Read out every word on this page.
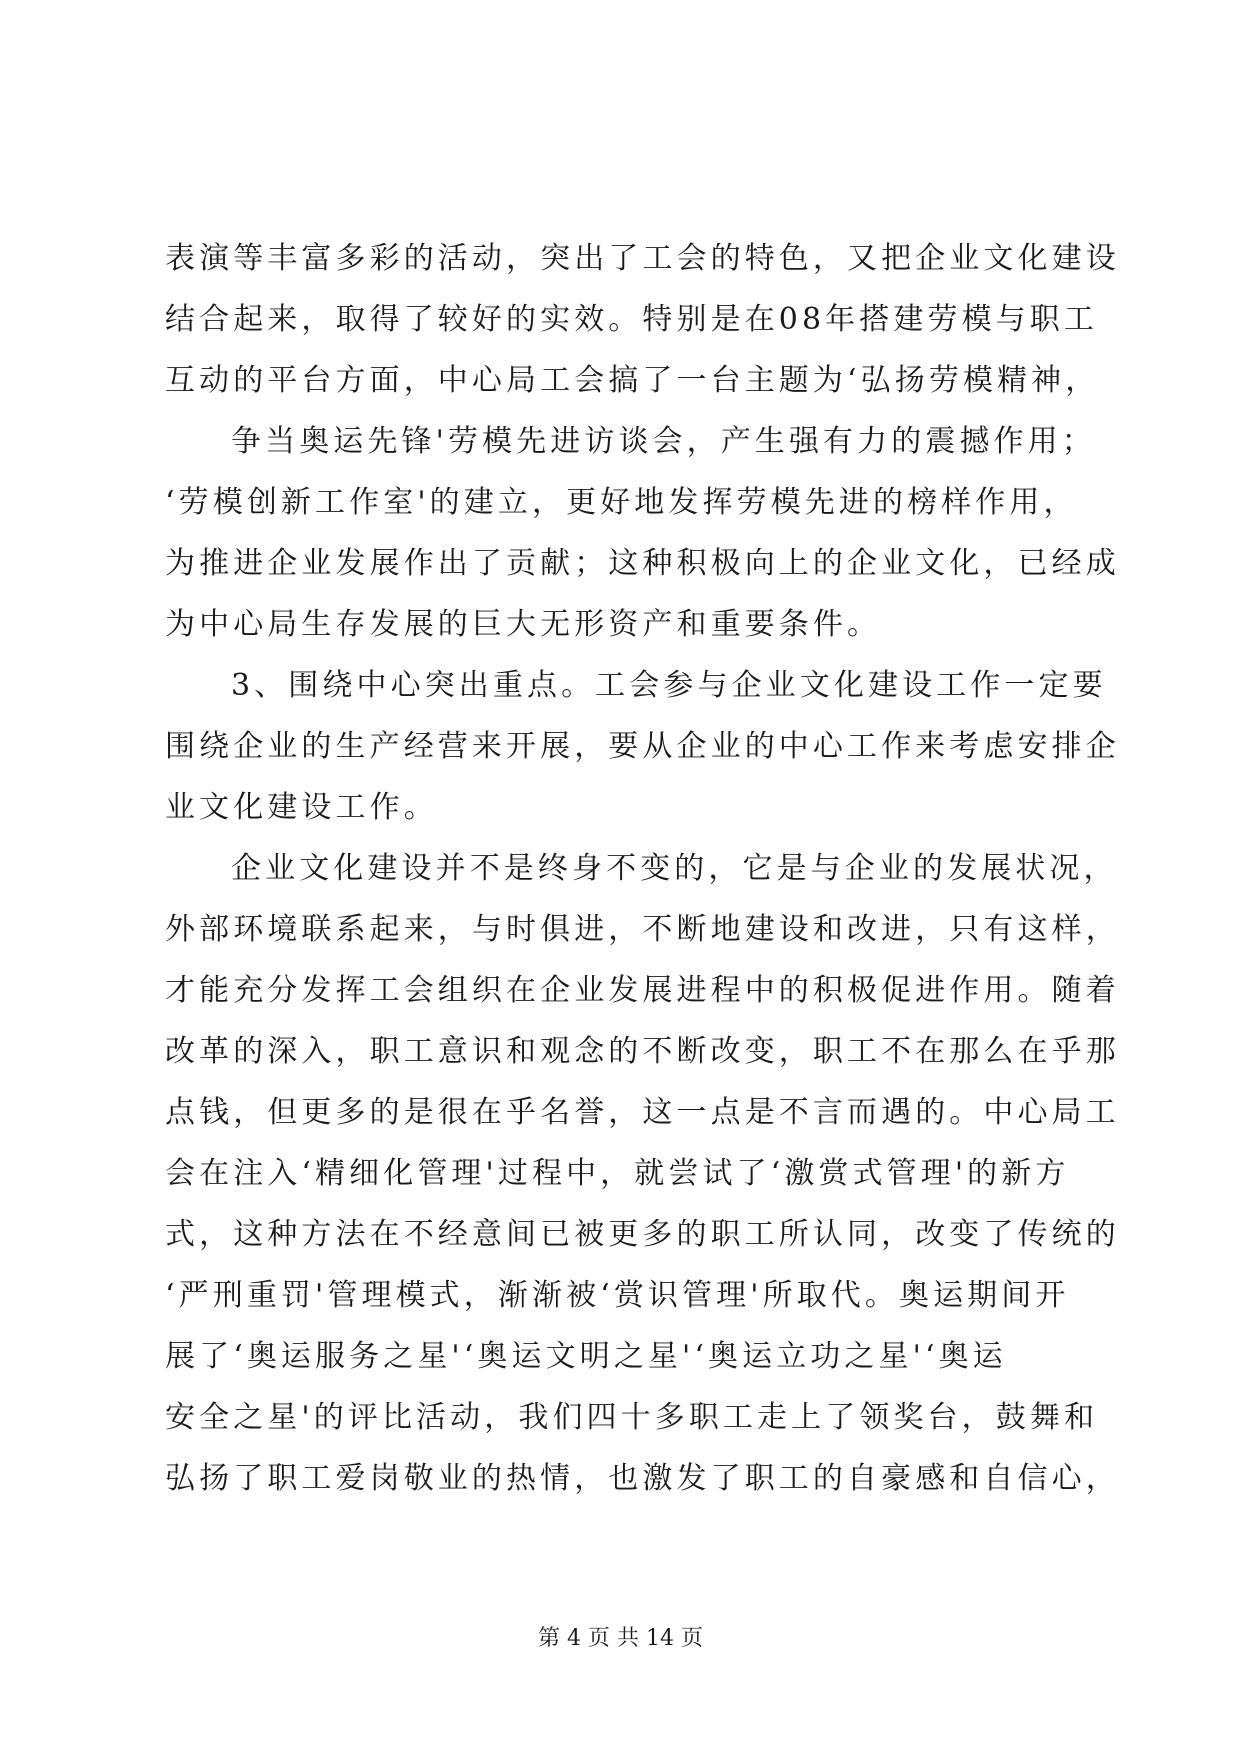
表演等丰富多彩的活动，突出了工会的特色，又把企业文化建设
结合起来，取得了较好的实效。特别是在08年搭建劳模与职工
互动的平台方面，中心局工会搞了一台主题为‘弘扬劳模精神，
争当奥运先锋'劳模先进访谈会，产生强有力的震撼作用；
‘劳模创新工作室'的建立，更好地发挥劳模先进的榜样作用，
为推进企业发展作出了贡献；这种积极向上的企业文化，已经成
为中心局生存发展的巨大无形资产和重要条件。
3、围绕中心突出重点。工会参与企业文化建设工作一定要
围绕企业的生产经营来开展，要从企业的中心工作来考虑安排企
业文化建设工作。
企业文化建设并不是终身不变的，它是与企业的发展状况，
外部环境联系起来，与时俱进，不断地建设和改进，只有这样，
才能充分发挥工会组织在企业发展进程中的积极促进作用。随着
改革的深入，职工意识和观念的不断改变，职工不在那么在乎那
点钱，但更多的是很在乎名誉，这一点是不言而遇的。中心局工
会在注入‘精细化管理'过程中，就尝试了‘激赏式管理'的新方
式，这种方法在不经意间已被更多的职工所认同，改变了传统的
‘严刑重罚'管理模式，渐渐被‘赏识管理'所取代。奥运期间开
展了‘奥运服务之星'‘奥运文明之星'‘奥运立功之星'‘奥运
安全之星'的评比活动，我们四十多职工走上了领奖台，鼓舞和
弘扬了职工爱岗敬业的热情，也激发了职工的自豪感和自信心，
第 4 页 共 14 页
